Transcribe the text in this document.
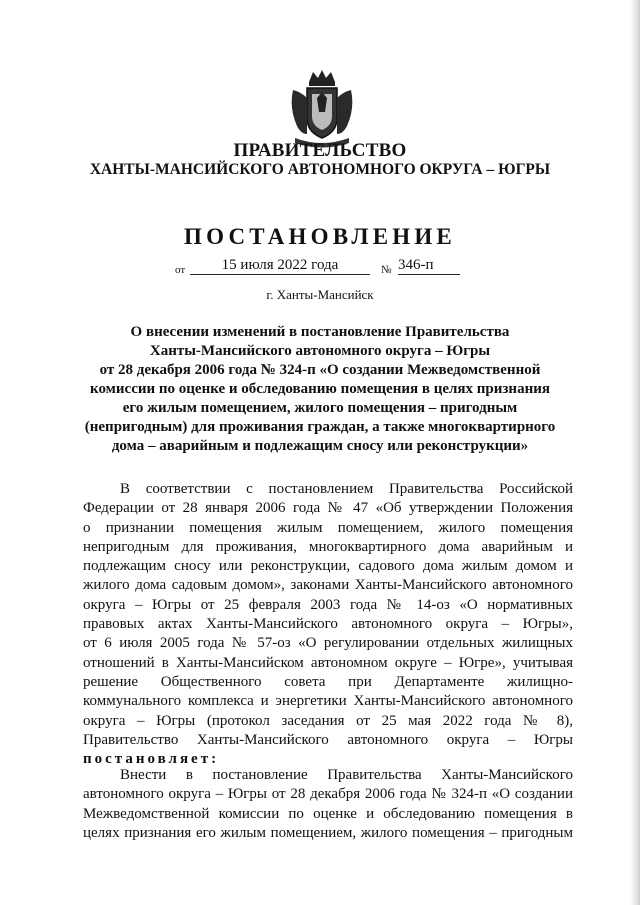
ПРАВИТЕЛЬСТВО
ХАНТЫ-МАНСИЙСКОГО АВТОНОМНОГО ОКРУГА – ЮГРЫ
ПОСТАНОВЛЕНИЕ
от	15 июля 2022 года	№ 346-п
г. Ханты-Мансийск
О внесении изменений в постановление Правительства
Ханты-Мансийского автономного округа – Югры
от 28 декабря 2006 года № 324-п «О создании Межведомственной
комиссии по оценке и обследованию помещения в целях признания
его жилым помещением, жилого помещения – пригодным
(непригодным) для проживания граждан, а также многоквартирного
дома – аварийным и подлежащим сносу или реконструкции»
В соответствии с постановлением Правительства Российской
Федерации от 28 января 2006 года № 47 «Об утверждении Положения
о признании помещения жилым помещением, жилого помещения
непригодным для проживания, многоквартирного дома аварийным и
подлежащим сносу или реконструкции, садового дома жилым домом и
жилого дома садовым домом», законами Ханты-Мансийского автономного
округа – Югры от 25 февраля 2003 года № 14-оз «О нормативных
правовых актах Ханты-Мансийского автономного округа – Югры»,
от 6 июля 2005 года № 57-оз «О регулировании отдельных жилищных
отношений в Ханты-Мансийском автономном округе – Югре», учитывая
решение Общественного совета при Департаменте жилищно-
коммунального комплекса и энергетики Ханты-Мансийского автономного
округа – Югры (протокол заседания от 25 мая 2022 года № 8),
Правительство Ханты-Мансийского автономного округа – Югры
постановляет:
Внести в постановление Правительства Ханты-Мансийского
автономного округа – Югры от 28 декабря 2006 года № 324-п «О создании
Межведомственной комиссии по оценке и обследованию помещения в
целях признания его жилым помещением, жилого помещения – пригодным
